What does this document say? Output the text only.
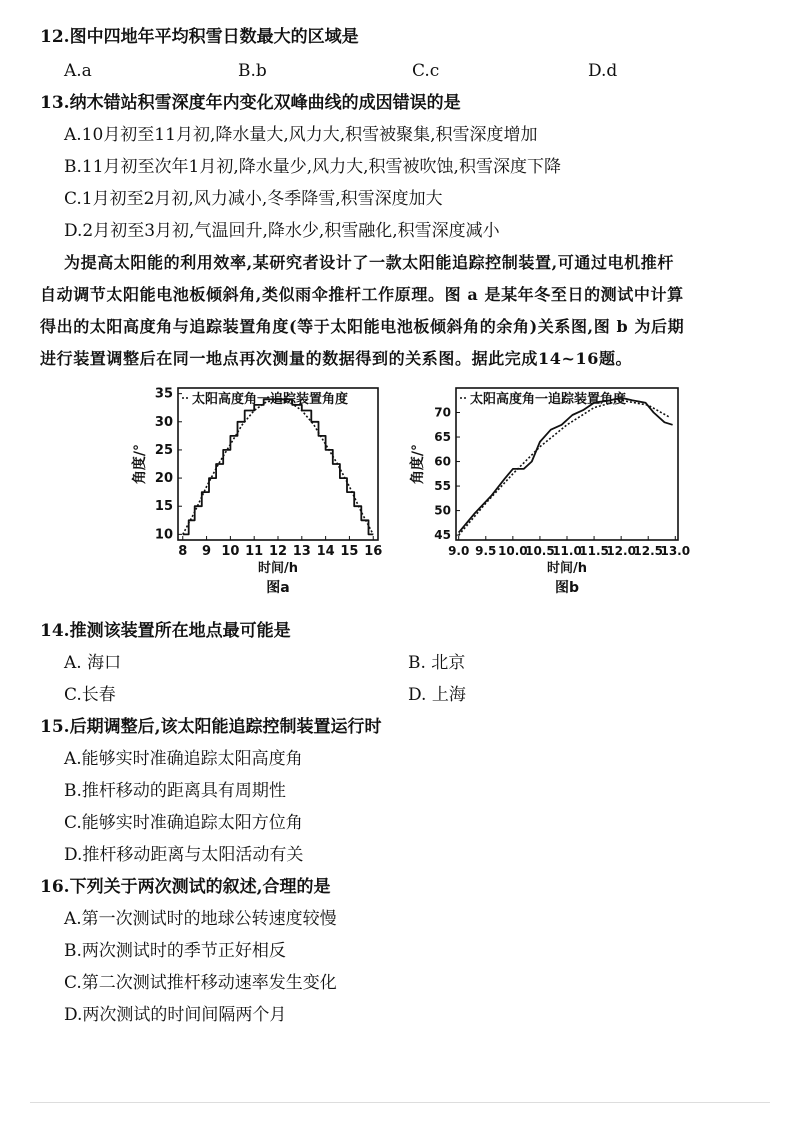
12.图中四地年平均积雪日数最大的区域是
A.a	B.b	C.c	D.d
13.纳木错站积雪深度年内变化双峰曲线的成因错误的是
A.10月初至11月初,降水量大,风力大,积雪被聚集,积雪深度增加
B.11月初至次年1月初,降水量少,风力大,积雪被吹蚀,积雪深度下降
C.1月初至2月初,风力减小,冬季降雪,积雪深度加大
D.2月初至3月初,气温回升,降水少,积雪融化,积雪深度减小
为提高太阳能的利用效率,某研究者设计了一款太阳能追踪控制装置,可通过电机推杆
自动调节太阳能电池板倾斜角,类似雨伞推杆工作原理。图 a 是某年冬至日的测试中计算
得出的太阳高度角与追踪装置角度(等于太阳能电池板倾斜角的余角)关系图,图 b 为后期
进行装置调整后在同一地点再次测量的数据得到的关系图。据此完成14~16题。
太阳高度角一追踪装置角度
8 9 10 11 12 13 14 15 16
10
15
20
25
30
35
时间/h
角度/°
图a
太阳高度角一追踪装置角度
9.0 9.5 10.0
10.5
11.0
11.5
12.0
12.5
13.0
45
50
55
60
65
70
时间/h
角度/°
图b
14.推测该装置所在地点最可能是
A. 海口	B. 北京
C.长春	D. 上海
15.后期调整后,该太阳能追踪控制装置运行时
A.能够实时准确追踪太阳高度角
B.推杆移动的距离具有周期性
C.能够实时准确追踪太阳方位角
D.推杆移动距离与太阳活动有关
16.下列关于两次测试的叙述,合理的是
A.第一次测试时的地球公转速度较慢
B.两次测试时的季节正好相反
C.第二次测试推杆移动速率发生变化
D.两次测试的时间间隔两个月
